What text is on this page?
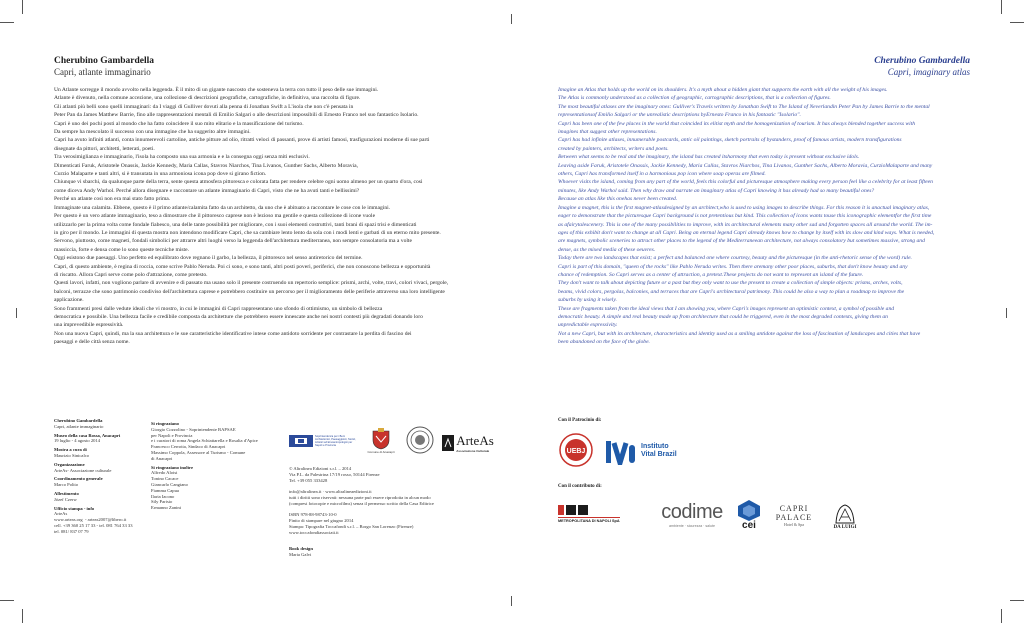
Cherubino Gambardella
Capri, atlante immaginario

Un Atlante sorregge il mondo avvolto nella leggenda. È il mito di un gigante nascosto che sosteneva la terra con tutto il peso delle sue immagini.

Atlante è divenuto, nella comune accezione, una collezione di descrizioni geografiche, cartografiche, in definitiva, una raccolta di figure.

Gli atlanti più belli sono quelli immaginari: da I viaggi di Gulliver dovuti alla penna di Jonathan Swift a L'isola che non c'è pensata in

Peter Pan da James Matthew Barrie, fino alle rappresentazioni mentali di Emilio Salgari o alle descrizioni impossibili di Ernesto Franco nel suo fantastico Isolario.

Capri è uno dei pochi posti al mondo che ha fatto coincidere il suo mito elitario e la massificazione del turismo.

Da sempre ha mescolato il successo con una immagine che ha suggerito altre immagini.

Capri ha avuto infiniti atlanti, conta innumerevoli cartoline, antiche pitture ad olio, ritratti veloci di passanti, prove di artisti famosi, trasfigurazioni moderne di sue parti

disegnate da pittori, architetti, letterati, poeti.

Tra verosimiglianza e immaginario, l'isola ha composto una sua armonia e e la consegna oggi senza miti esclusivi.

Dimenticati Faruk, Aristotele Onassis, Jackie Kennedy, Maria Callas, Stavros Niarchos, Tina Livanos, Gunther Sachs, Alberto Moravia,

Curzio Malaparte e tanti altri, si è transutata in una armoniosa icona pop dove si girano fiction.

Chiunque vi sbarchi, da qualunque parte della terra, sente questa atmosfera pittoresca e colorata fatta per rendere celebre ogni uomo almeno per un quarto d'ora, così

come diceva Andy Warhol. Perché allora disegnare e raccontare un atlante immaginario di Capri, visto che ne ha avuti tanti e bellissimi?

Perché un atlante così non era mai stato fatto prima.

Immaginate una calamita. Ebbene, questo è il primo atlante/calamita fatto da un architetto, da uno che è abituato a raccontare le cose con le immagini.

Per questo è un vero atlante immaginario, teso a dimostrare che il pittoresco caprese non è lezioso ma gentile e questa collezione di icone vuole

utilizzarlo per la prima volta come fondale fiabesco, una delle tante possibilità per migliorare, con i suoi elementi costruttivi, tanti brani di spazi trisi e dimenticati

in giro per il mondo. Le immagini di questa mostra non intendono modificare Capri, che sa cambiare lento lento da sola con i modi lenti e garbati di un eterno mito presente.

Servono, piuttosto, come magneti, fondali simbolici per attrarre altri luoghi verso la leggenda dell'architettura mediterranea, non sempre consolatoria ma a volte

massiccia, forte e densa come lo sono queste tecniche miste.

Oggi esistono due paesaggi. Uno perfetto ed equilibrato dove regnano il garbo, la bellezza, il pittoresco nel senso antiretorico del termine.

Capri, di questo ambiente, è regina di roccia, come scrive Pablo Neruda. Poi ci sono, e sono tanti, altri posti poveri, periferici, che non conoscono bellezza e opportunità

di riscatto. Allora Capri serve come polo d'attrazione, come pretesto.

Questi lavori, infatti, non vogliono parlare di avvenire e di passato ma usano solo il presente costruendo un repertorio semplice: prismi, archi, volte, travi, colori vivaci, pergole,

balconi, terrazze che sono patrimonio condiviso dell'architettura caprese e potrebbero costituire un percorso per il miglioramento delle periferie attraverso una loro intelligente

applicazione.

Sono frammenti presi dalle vedute ideali che vi mostro, in cui le immagini di Capri rappresentano uno sfondo di ottimismo, un simbolo di bellezza

democratica e possibile. Una bellezza facile e credibile composta da architetture che potrebbero essere innescate anche nei nostri contesti più degradati donando loro

una imprevedibile espressività.

Non una nuova Capri, quindi, ma la sua architettura e le sue caratteristiche identificative intese come antidoto sorridente per contrastare la perdita di fascino dei

paesaggi e delle città senza nome.

Cherubino Gambardella
Capri, atlante immaginario
Museo della casa Rossa, Anacapri
19 luglio - 4 agosto 2014
Mostra a cura di
Maurizio Sinicalco
Organizzazione
ArteAs- Associazione culturale
Coordinamento generale
Marco Polito
Allestimento
Józef Czerw
Ufficio stampa - info
ArteAs
www.arteas.org  - arteas2007@libero.it
cell. +39 360 25 17 33 - tel. 081 764 33 33
tel. 081/ 837 07 79
Si ringraziano
Giorgio Cozzolino - Soprintendente BAPSAE
per Napoli e Provincia
e i curatori di roma Angela Schiattarella e Rosalia d'Apice
Francesco Cerrotta, Sindaco di Anacapri
Massimo Coppola, Assessore al Turismo - Comune
di Anacapri
Si ringraziano inoltre
Alfredo Aloisi
Tonino Cacace
Giancarlo Cangiano
Fiamma Capua
Ilaria Iacono
Sily Parisio
Ermanno Zanini
Soprintendenza per i Beni Architettonici, Paesaggistici, Storici, Artistici ed Etnoantropologici per Napoli e Provincia
Comune di Anacapri
ArteAs
Associazione Culturale
© Altralinea Edizioni s.r.l. – 2014
Via P.L. da Palestrina 17/19 rosso, 50144 Firenze
Tel. +39 055 333428
info@altralinea.it · www.altralineaedizioni.it
tutti i diritti sono riservati: nessuna parte può essere riprodotta in alcun modo
(compresi fotocopie e microfilms) senza il permesso scritto della Casa Editrice
ISBN 978-88-98743-10-0
Finito di stampare nel giugno 2014
Stampa: Tipografia Toccafondi s.r.l. – Borgo San Lorenzo (Firenze)
www.toccafondiassociati.it
Book design
Maria Galvi
Cherubino Gambardella
Capri, imaginary atlas

Imagine an Atlas that holds up the world on its shoulders. It's a myth about a hidden giant that supports the earth with all the weight of his images.

The Atlas is commonly understood as a collection of geographic, cartographic descriptions, that is a collection of figures.

The most beautiful atlases are the imaginary ones: Gulliver's Travels written by Jonathan Swift to The Island of Neverlandin Peter Pan by James Barrie to the mental

representationsof Emilio Salgari or the unrealistic descriptions byErnesto Franco in his fantastic "Isolario".

Capri has been one of the few places in the world that coincided its elitist myth and the homogenization of tourism. It has always blended together success with

imagines that suggest other representations.

Capri has had infinite atlases, innumerable postcards, antic oil paintings, sketch portraits of bystanders, proof of famous artists, modern transfigurations

created by painters, architects, writers and poets.

Between what seems to be real and the imaginary, the island has created itsharmony that even today is present without exclusive idols.

Leaving aside Faruk, Aristotele Onassis, Jackie Kennedy, Maria Callas, Stavros Niarchos, Tina Livanos, Gunther Sachs, Alberto Moravia, CurzioMalaparte and many

others, Capri has transformed itself in a harmonious pop icon where soap operas are filmed.

Whoever visits the island, coming from any part of the world, feels this colorful and picturesque atmosphere making every person feel like a celebrity for at least fifteen

minutes, like Andy Warhol said. Then why draw and narrate an imaginary atlas of Capri knowing it has already had so many beautiful ones?

Because an atlas like this onehas never been created.

Imagine a magnet, this is the first magnet-atlasdesigned by an architect,who is used to using images to describe things. For this reason it is anactual imaginary atlas,

eager to demonstrate that the picturesque Capri background is not pretentious but kind. This collection of icons wants touse this iconographic elementfor the first time

as afairytalescenery. This is one of the many possibilities to improve, with its architectural elements many other sad and forgotten spaces all around the world. The im-

ages of this exhibit don't want to change at all Capri. Being an eternal legend Capri already knows how to change by itself with its slow and kind ways. What is needed,

are magnets, symbolic sceneries to attract other places to the legend of the Mediterraneean architecture, not always consolatory but sometimes massive, strong and

dense, as the mixed media of these oeuvres.

Today there are two landscapes that exist; a perfect and balanced one where courtesy, beauty and the picturesque (in the anti-rhetoric sense of the word) rule.

Capri is part of this domain, "queen of the rocks" like Pablo Neruda writes. Then there aremany other poor places, suburbs, that don't know beauty and any

chance of redemption. So Capri serves as a center of attraction, a pretext.These projects do not want to represent an island of the future.

They don't want to talk about depicting future or a past but they only want to use the present to create a collection of simple objects: prisms, arches, volts,

beams, vivid colors, pergolas, balconies, and terraces that are Capri's architectural patrimony. This could be also a way to plan a roadmap to improve the

suburbs by using it wisely.

These are fragments taken from the ideal views that I am showing you, where Capri's images represent an optimistic context, a symbol of possible and

democratic beauty. A simple and real beauty made up from architecture that could be triggered, even in the most degraded contexts, giving them an

unpredictable expressivity.

Not a new Capri, but with its architecture, characteristics and identity used as a smiling antidote against the loss of fascination of landscapes and cities that have

been abandoned on the face of the globe.

Con il Patrocinio di:
UEBJ
Instituto
Vital Brazil
Con il contributo di:
METROPOLITANA DI NAPOLI SpA codime
ambiente · sicurezza · salute	cei
CAPRI
PALACE
Hotel & Spa
DA LUIGI
